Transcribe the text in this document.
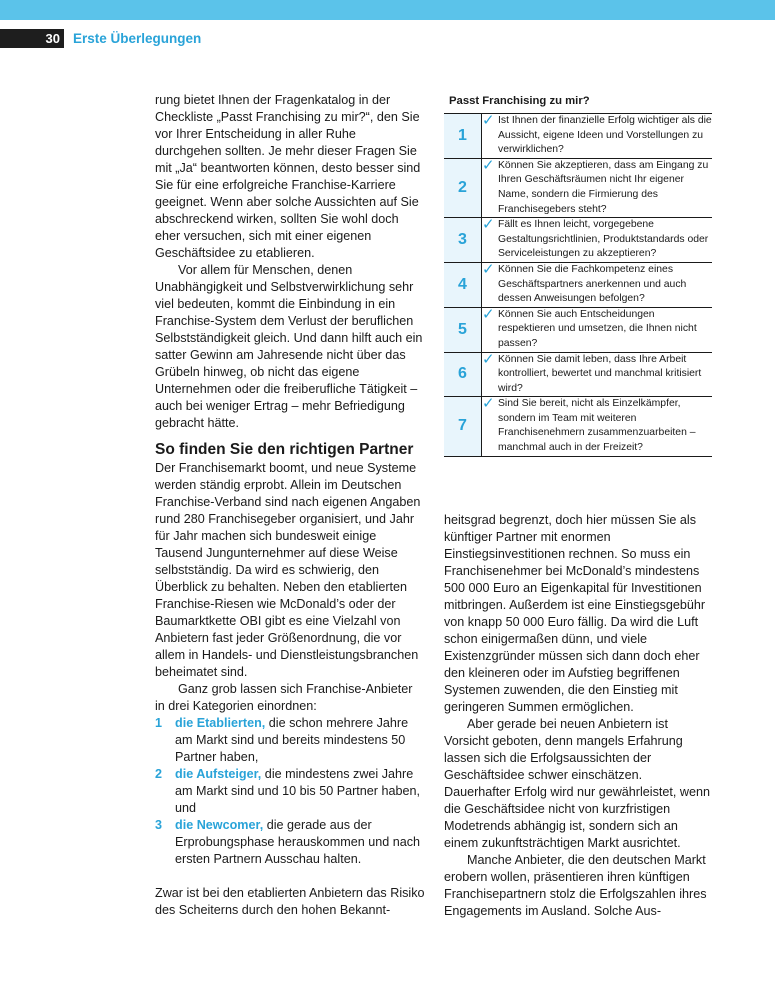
30 Erste Überlegungen

rung bietet Ihnen der Fragenkatalog in der Checkliste „Passt Franchising zu mir?“, den Sie vor Ihrer Entscheidung in aller Ruhe durchgehen sollten. Je mehr dieser Fragen Sie mit „Ja“ beantworten können, desto besser sind Sie für eine erfolgreiche Franchise-Karriere geeignet. Wenn aber solche Aussichten auf Sie abschreckend wirken, sollten Sie wohl doch eher versuchen, sich mit einer eigenen Geschäftsidee zu etablieren.

Vor allem für Menschen, denen Unabhängigkeit und Selbstverwirklichung sehr viel bedeuten, kommt die Einbindung in ein Franchise-System dem Verlust der beruflichen Selbstständigkeit gleich. Und dann hilft auch ein satter Gewinn am Jahresende nicht über das Grübeln hinweg, ob nicht das eigene Unternehmen oder die freiberufliche Tätigkeit – auch bei weniger Ertrag – mehr Befriedigung gebracht hätte.

So finden Sie den richtigen Partner

Der Franchisemarkt boomt, und neue Systeme werden ständig erprobt. Allein im Deutschen Franchise-Verband sind nach eigenen Angaben rund 280 Franchisegeber organisiert, und Jahr für Jahr machen sich bundesweit einige Tausend Jungunternehmer auf diese Weise selbstständig. Da wird es schwierig, den Überblick zu behalten. Neben den etablierten Franchise-Riesen wie McDonald’s oder der Baumarktkette OBI gibt es eine Vielzahl von Anbietern fast jeder Größenordnung, die vor allem in Handels- und Dienstleistungsbranchen beheimatet sind.

Ganz grob lassen sich Franchise-Anbieter in drei Kategorien einordnen:

1	die Etablierten, die schon mehrere Jahre am Markt sind und bereits mindestens 50 Partner haben,
2	die Aufsteiger, die mindestens zwei Jahre am Markt sind und 10 bis 50 Partner haben, und
3	die Newcomer, die gerade aus der Erprobungsphase herauskommen und nach ersten Partnern Ausschau halten.

Zwar ist bei den etablierten Anbietern das Risiko des Scheiterns durch den hohen Bekannt-

Passt Franchising zu mir?
1	✓ Ist Ihnen der finanzielle Erfolg wichtiger als die Aussicht, eigene Ideen und Vorstellungen zu verwirklichen?

2	✓ Können Sie akzeptieren, dass am Eingang zu Ihren Geschäftsräumen nicht Ihr eigener Name, sondern die Firmierung des Franchisegebers steht?

3	✓ Fällt es Ihnen leicht, vorgegebene Gestaltungsrichtlinien, Produktstandards oder Serviceleistungen zu akzeptieren?

4	✓ Können Sie die Fachkompetenz eines Geschäftspartners anerkennen und auch dessen Anweisungen befolgen?

5	✓ Können Sie auch Entscheidungen respektieren und umsetzen, die Ihnen nicht passen?

6	✓ Können Sie damit leben, dass Ihre Arbeit kontrolliert, bewertet und manchmal kritisiert wird?

7	✓ Sind Sie bereit, nicht als Einzelkämpfer, sondern im Team mit weiteren Franchisenehmern zusammenzuarbeiten – manchmal auch in der Freizeit?

heitsgrad begrenzt, doch hier müssen Sie als künftiger Partner mit enormen Einstiegsinvestitionen rechnen. So muss ein Franchisenehmer bei McDonald’s mindestens 500 000 Euro an Eigenkapital für Investitionen mitbringen. Außerdem ist eine Einstiegsgebühr von knapp 50 000 Euro fällig. Da wird die Luft schon einigermaßen dünn, und viele Existenzgründer müssen sich dann doch eher den kleineren oder im Aufstieg begriffenen Systemen zuwenden, die den Einstieg mit geringeren Summen ermöglichen.

Aber gerade bei neuen Anbietern ist Vorsicht geboten, denn mangels Erfahrung lassen sich die Erfolgsaussichten der Geschäftsidee schwer einschätzen. Dauerhafter Erfolg wird nur gewährleistet, wenn die Geschäftsidee nicht von kurzfristigen Modetrends abhängig ist, sondern sich an einem zukunftsträchtigen Markt ausrichtet.

Manche Anbieter, die den deutschen Markt erobern wollen, präsentieren ihren künftigen Franchisepartnern stolz die Erfolgszahlen ihres Engagements im Ausland. Solche Aus-
